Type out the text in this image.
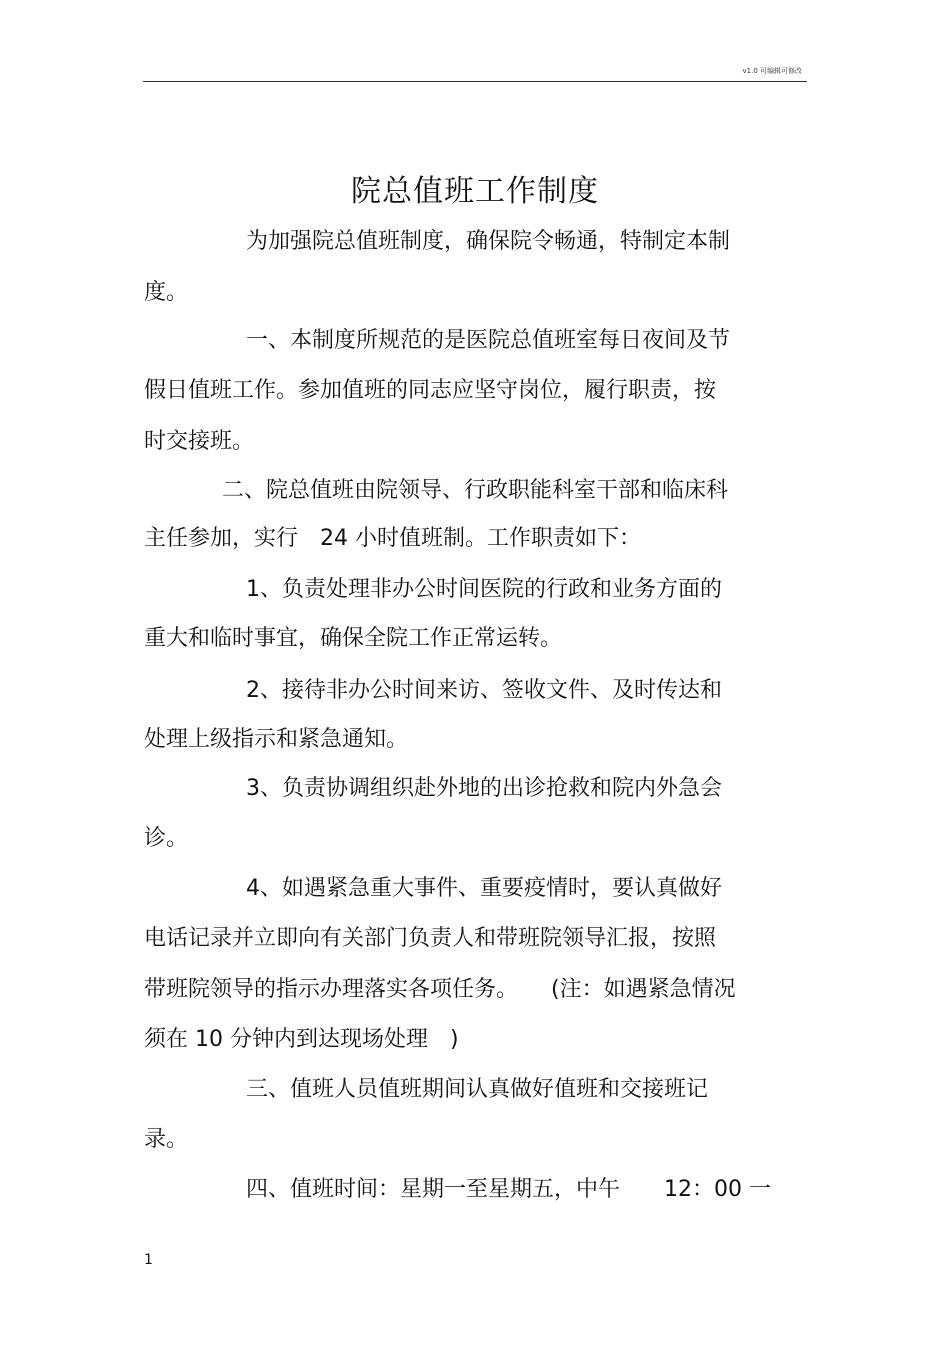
v1.0 可编辑可修改
院总值班工作制度
为加强院总值班制度，确保院令畅通，特制定本制
度。
一、本制度所规范的是医院总值班室每日夜间及节
假日值班工作。参加值班的同志应坚守岗位，履行职责，按
时交接班。
二、院总值班由院领导、行政职能科室干部和临床科
主任参加，实行　24 小时值班制。工作职责如下：
1、负责处理非办公时间医院的行政和业务方面的
重大和临时事宜，确保全院工作正常运转。
2、接待非办公时间来访、签收文件、及时传达和
处理上级指示和紧急通知。
3、负责协调组织赴外地的出诊抢救和院内外急会
诊。
4、如遇紧急重大事件、重要疫情时，要认真做好
电话记录并立即向有关部门负责人和带班院领导汇报，按照
带班院领导的指示办理落实各项任务。　　(注：如遇紧急情况
须在 10 分钟内到达现场处理　)
三、值班人员值班期间认真做好值班和交接班记
录。
四、值班时间：星期一至星期五，中午　　12：00 一
1
